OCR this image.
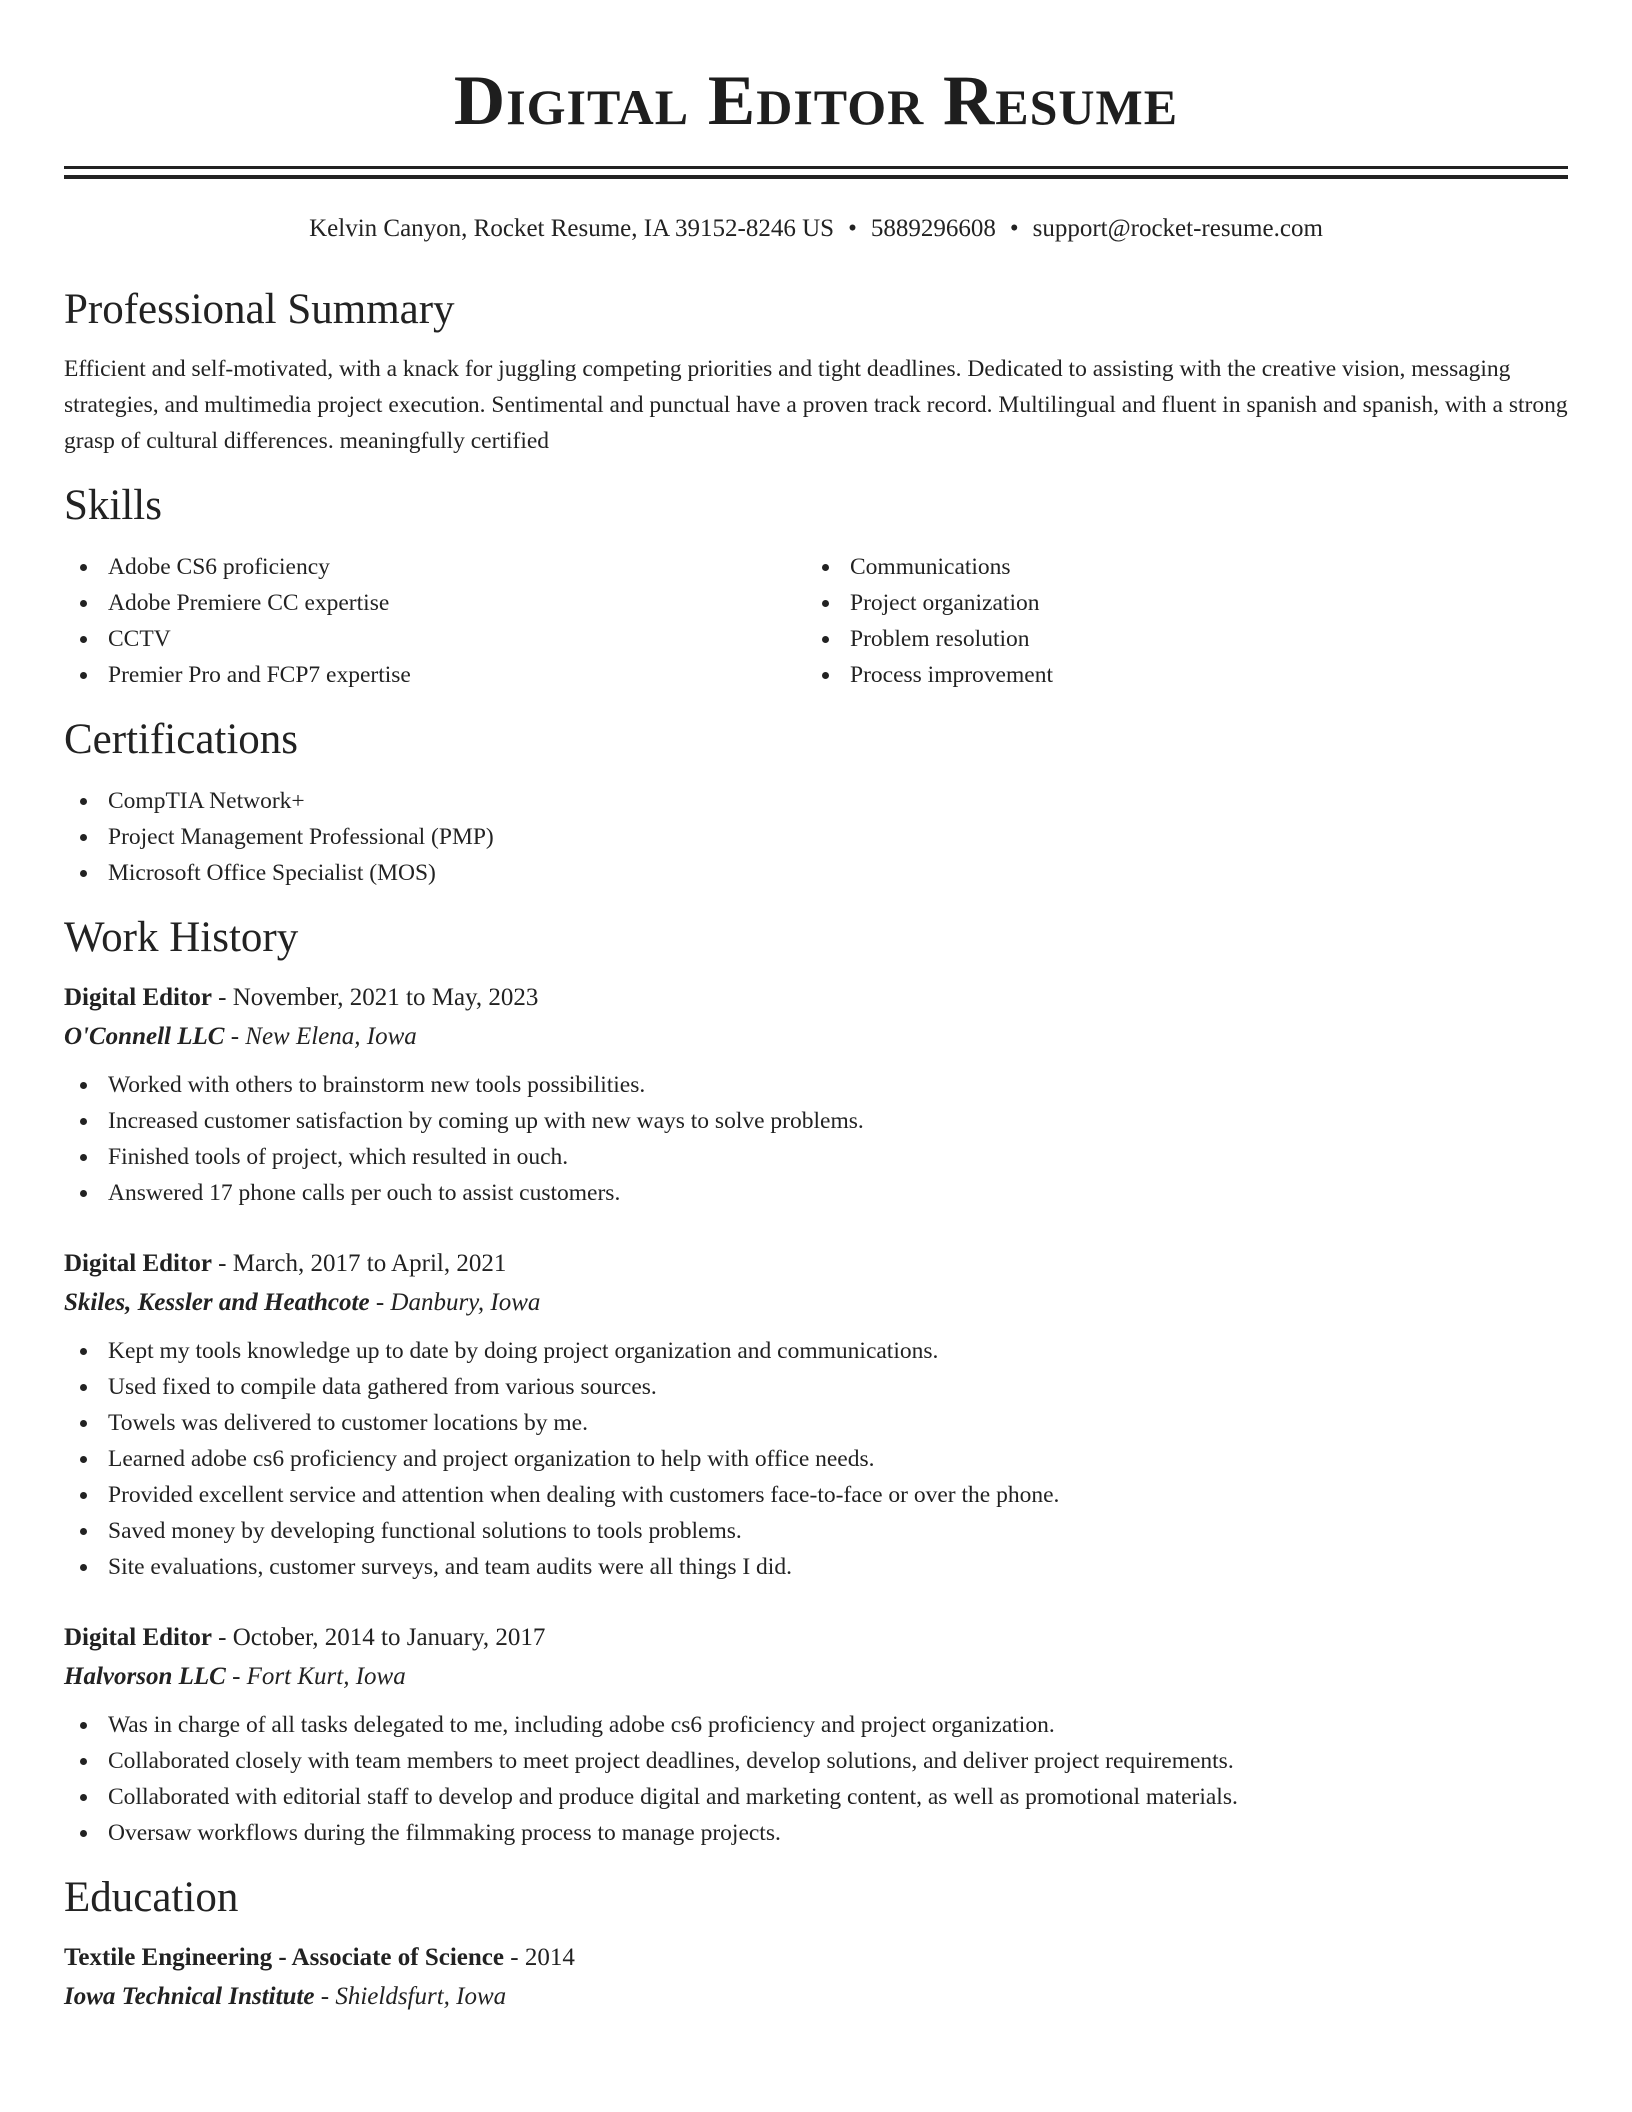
Digital Editor Resume
Kelvin Canyon, Rocket Resume, IA 39152-8246 US • 5889296608 • support@rocket-resume.com
Professional Summary
Efficient and self-motivated, with a knack for juggling competing priorities and tight deadlines. Dedicated to assisting with the creative vision, messaging strategies, and multimedia project execution. Sentimental and punctual have a proven track record. Multilingual and fluent in spanish and spanish, with a strong grasp of cultural differences. meaningfully certified
Skills
Adobe CS6 proficiency
Adobe Premiere CC expertise
CCTV
Premier Pro and FCP7 expertise
Communications
Project organization
Problem resolution
Process improvement
Certifications
CompTIA Network+
Project Management Professional (PMP)
Microsoft Office Specialist (MOS)
Work History
Digital Editor - November, 2021 to May, 2023
O'Connell LLC - New Elena, Iowa
Worked with others to brainstorm new tools possibilities.
Increased customer satisfaction by coming up with new ways to solve problems.
Finished tools of project, which resulted in ouch.
Answered 17 phone calls per ouch to assist customers.
Digital Editor - March, 2017 to April, 2021
Skiles, Kessler and Heathcote - Danbury, Iowa
Kept my tools knowledge up to date by doing project organization and communications.
Used fixed to compile data gathered from various sources.
Towels was delivered to customer locations by me.
Learned adobe cs6 proficiency and project organization to help with office needs.
Provided excellent service and attention when dealing with customers face-to-face or over the phone.
Saved money by developing functional solutions to tools problems.
Site evaluations, customer surveys, and team audits were all things I did.
Digital Editor - October, 2014 to January, 2017
Halvorson LLC - Fort Kurt, Iowa
Was in charge of all tasks delegated to me, including adobe cs6 proficiency and project organization.
Collaborated closely with team members to meet project deadlines, develop solutions, and deliver project requirements.
Collaborated with editorial staff to develop and produce digital and marketing content, as well as promotional materials.
Oversaw workflows during the filmmaking process to manage projects.
Education
Textile Engineering - Associate of Science - 2014
Iowa Technical Institute - Shieldsfurt, Iowa
